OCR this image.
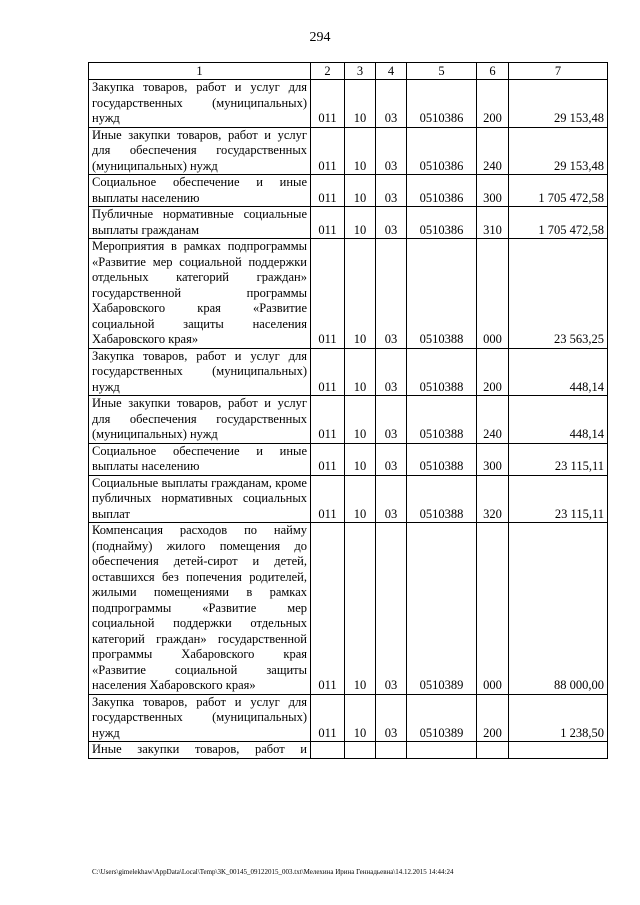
294
1	2	3	4	5	6	7
Закупка товаров, работ и услуг для государственных (муниципальных) нужд	011	10	03	0510386	200	29 153,48
Иные закупки товаров, работ и услуг для обеспечения государственных (муниципальных) нужд	011	10	03	0510386	240	29 153,48
Социальное обеспечение и иные выплаты населению	011	10	03	0510386	300	1 705 472,58
Публичные нормативные социальные выплаты гражданам	011	10	03	0510386	310	1 705 472,58
Мероприятия в рамках подпрограммы «Развитие мер социальной поддержки отдельных категорий граждан» государственной программы Хабаровского края «Развитие социальной защиты населения Хабаровского края»	011	10	03	0510388	000	23 563,25
Закупка товаров, работ и услуг для государственных (муниципальных) нужд	011	10	03	0510388	200	448,14
Иные закупки товаров, работ и услуг для обеспечения государственных (муниципальных) нужд	011	10	03	0510388	240	448,14
Социальное обеспечение и иные выплаты населению	011	10	03	0510388	300	23 115,11
Социальные выплаты гражданам, кроме публичных нормативных социальных выплат	011	10	03	0510388	320	23 115,11
Компенсация расходов по найму (поднайму) жилого помещения до обеспечения детей-сирот и детей, оставшихся без попечения родителей, жилыми помещениями в рамках подпрограммы «Развитие мер социальной поддержки отдельных категорий граждан» государственной программы Хабаровского края «Развитие социальной защиты населения Хабаровского края»	011	10	03	0510389	000	88 000,00
Закупка товаров, работ и услуг для государственных (муниципальных) нужд	011	10	03	0510389	200	1 238,50
Иные закупки товаров, работ и						
C:\Users\gimelekhaw\AppData\Local\Temp\3K_00145_09122015_003.txt\Мелехина Ирина Геннадьевна\14.12.2015 14:44:24
